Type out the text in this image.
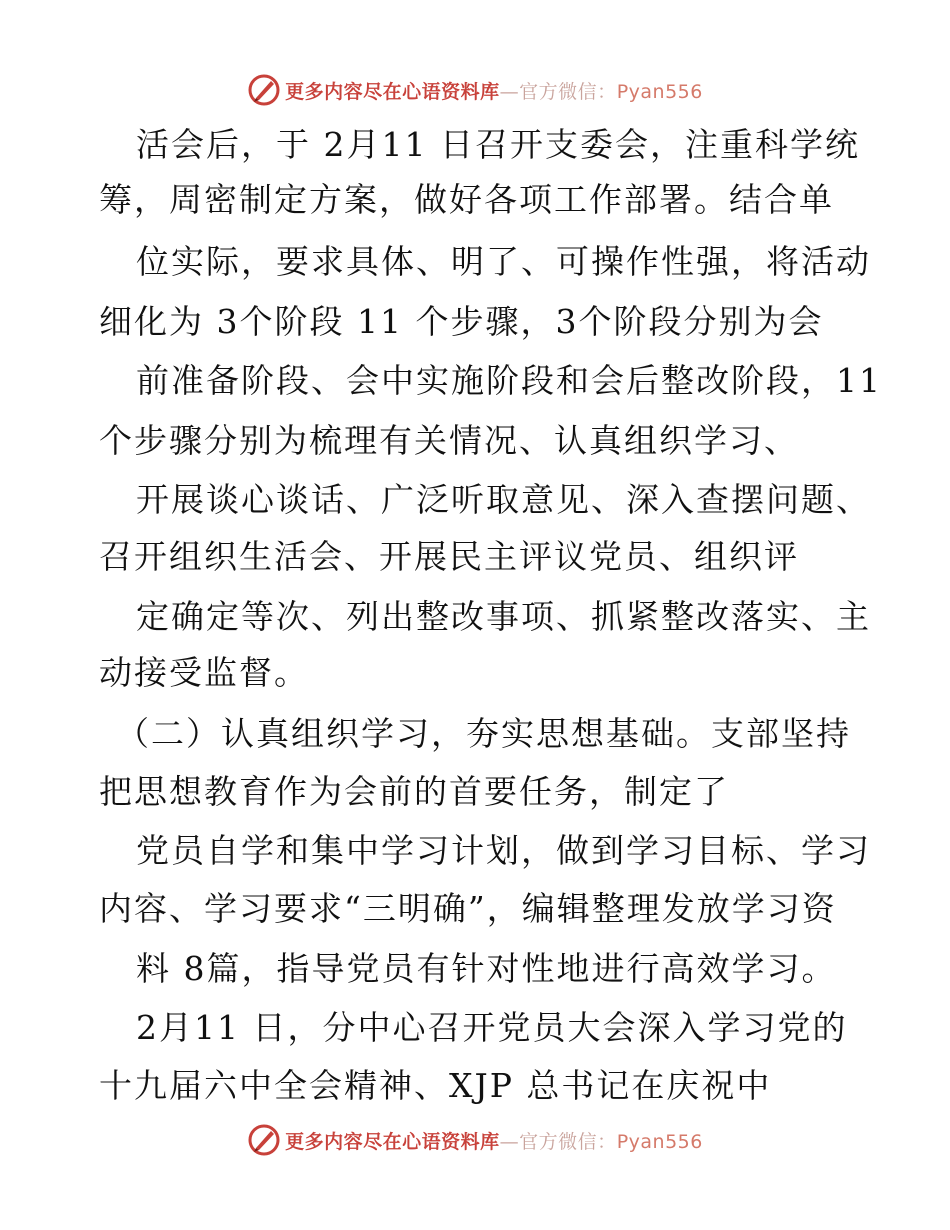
更多内容尽在心语资料库—官方微信：Pyan556
活会后，于 2月11 日召开支委会，注重科学统
筹，周密制定方案，做好各项工作部署。结合单
位实际，要求具体、明了、可操作性强，将活动
细化为 3个阶段 11 个步骤，3个阶段分别为会
前准备阶段、会中实施阶段和会后整改阶段，11
个步骤分别为梳理有关情况、认真组织学习、
开展谈心谈话、广泛听取意见、深入查摆问题、
召开组织生活会、开展民主评议党员、组织评
定确定等次、列出整改事项、抓紧整改落实、主
动接受监督。
（二）认真组织学习，夯实思想基础。支部坚持
把思想教育作为会前的首要任务，制定了
党员自学和集中学习计划，做到学习目标、学习
内容、学习要求“三明确”，编辑整理发放学习资
料 8篇，指导党员有针对性地进行高效学习。
2月11 日，分中心召开党员大会深入学习党的
十九届六中全会精神、XJP 总书记在庆祝中
更多内容尽在心语资料库—官方微信：Pyan556
